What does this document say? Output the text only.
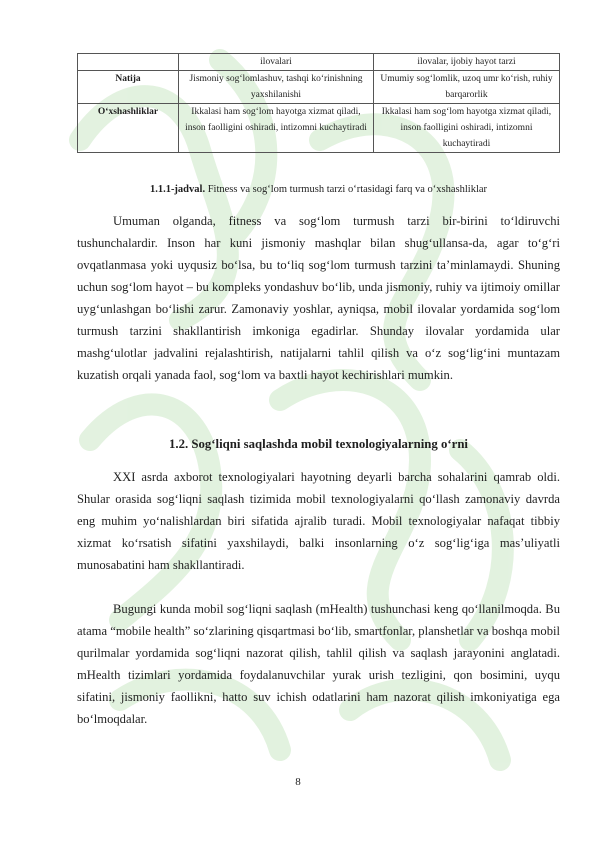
	ilovalari	ilovalar, ijobiy hayot tarzi
Natija	Jismoniy sog‘lomlashuv, tashqi ko‘rinishning yaxshilanishi	Umumiy sog‘lomlik, uzoq umr ko‘rish, ruhiy barqarorlik
O‘xshashliklar	Ikkalasi ham sog‘lom hayotga xizmat qiladi, inson faolligini oshiradi, intizomni kuchaytiradi	Ikkalasi ham sog‘lom hayotga xizmat qiladi, inson faolligini oshiradi, intizomni kuchaytiradi
1.1.1-jadval. Fitness va sog‘lom turmush tarzi o‘rtasidagi farq va o‘xshashliklar

Umuman olganda, fitness va sog‘lom turmush tarzi bir-birini to‘ldiruvchi tushunchalardir. Inson har kuni jismoniy mashqlar bilan shug‘ullansa-da, agar to‘g‘ri ovqatlanmasa yoki uyqusiz bo‘lsa, bu to‘liq sog‘lom turmush tarzini ta’minlamaydi. Shuning uchun sog‘lom hayot – bu kompleks yondashuv bo‘lib, unda jismoniy, ruhiy va ijtimoiy omillar uyg‘unlashgan bo‘lishi zarur. Zamonaviy yoshlar, ayniqsa, mobil ilovalar yordamida sog‘lom turmush tarzini shakllantirish imkoniga egadirlar. Shunday ilovalar yordamida ular mashg‘ulotlar jadvalini rejalashtirish, natijalarni tahlil qilish va o‘z sog‘lig‘ini muntazam kuzatish orqali yanada faol, sog‘lom va baxtli hayot kechirishlari mumkin.

1.2. Sog‘liqni saqlashda mobil texnologiyalarning o‘rni

XXI asrda axborot texnologiyalari hayotning deyarli barcha sohalarini qamrab oldi. Shular orasida sog‘liqni saqlash tizimida mobil texnologiyalarni qo‘llash zamonaviy davrda eng muhim yo‘nalishlardan biri sifatida ajralib turadi. Mobil texnologiyalar nafaqat tibbiy xizmat ko‘rsatish sifatini yaxshilaydi, balki insonlarning o‘z sog‘lig‘iga mas’uliyatli munosabatini ham shakllantiradi.

Bugungi kunda mobil sog‘liqni saqlash (mHealth) tushunchasi keng qo‘llanilmoqda. Bu atama “mobile health” so‘zlarining qisqartmasi bo‘lib, smartfonlar, planshetlar va boshqa mobil qurilmalar yordamida sog‘liqni nazorat qilish, tahlil qilish va saqlash jarayonini anglatadi. mHealth tizimlari yordamida foydalanuvchilar yurak urish tezligini, qon bosimini, uyqu sifatini, jismoniy faollikni, hatto suv ichish odatlarini ham nazorat qilish imkoniyatiga ega bo‘lmoqdalar.

8
